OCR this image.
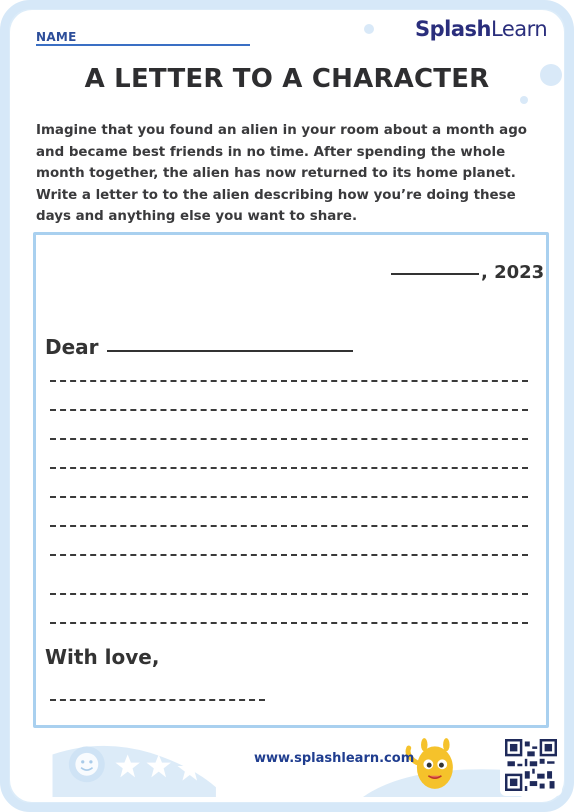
NAME	SplashLearn
A LETTER TO A CHARACTER
Imagine that you found an alien in your room about a month ago and became best friends in no time. After spending the whole month together, the alien has now returned to its home planet. Write a letter to to the alien describing how you’re doing these days and anything else you want to share.
, 2023
Dear
With love,
www.splashlearn.com
